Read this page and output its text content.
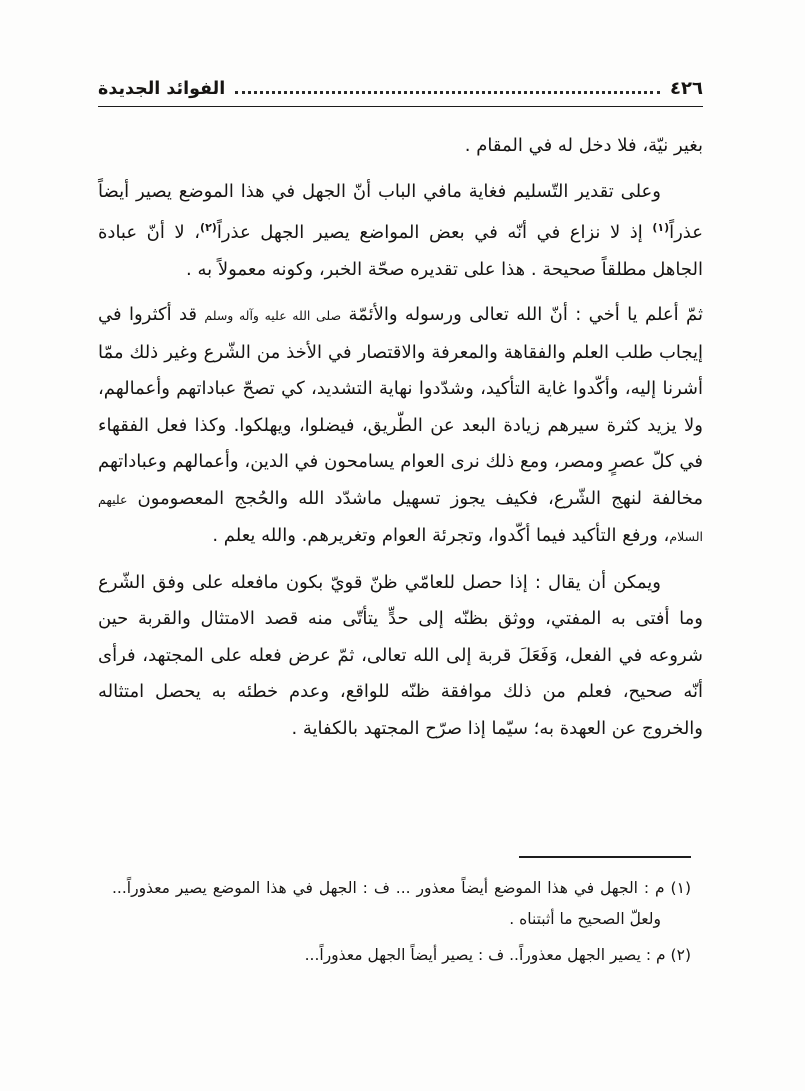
٤٢٦
الفوائد الجديدة

بغير نيّة، فلا دخل له في المقام .

وعلى تقدير التّسليم فغاية مافي الباب أنّ الجهل في هذا الموضع يصير أيضاً عذراً$^{(١)}$ إذ لا نزاع في أنّه في بعض المواضع يصير الجهل عذراً$^{(٢)}$، لا أنّ عبادة الجاهل مطلقاً صحيحة . هذا على تقديره صحّة الخبر، وكونه معمولاً به .

ثمّ أعلم يا أخي : أنّ الله تعالى ورسوله والأئمّة صلى الله عليه وآله وسلم قد أكثروا في إيجاب طلب العلم والفقاهة والمعرفة والاقتصار في الأخذ من الشّرع وغير ذلك ممّا أشرنا إليه، وأكّدوا غاية التأكيد، وشدّدوا نهاية التشديد، كي تصحّ عباداتهم وأعمالهم، ولا يزيد كثرة سيرهم زيادة البعد عن الطّريق، فيضلوا، ويهلكوا. وكذا فعل الفقهاء في كلّ عصرٍ ومصر، ومع ذلك نرى العوام يسامحون في الدين، وأعمالهم وعباداتهم مخالفة لنهج الشّرع، فكيف يجوز تسهيل ماشدّد الله والحُجج المعصومون عليهم السلام، ورفع التأكيد فيما أكّدوا، وتجرئة العوام وتغريرهم. والله يعلم .

ويمكن أن يقال : إذا حصل للعامّي ظنّ قويّ بكون مافعله على وفق الشّرع وما أفتى به المفتي، ووثق بظنّه إلى حدٍّ يتأتّى منه قصد الامتثال والقربة حين شروعه في الفعل، وَفَعَلَ قربة إلى الله تعالى، ثمّ عرض فعله على المجتهد، فرأى أنّه صحيح، فعلم من ذلك موافقة ظنّه للواقع، وعدم خطئه به يحصل امتثاله والخروج عن العهدة به؛ سيّما إذا صرّح المجتهد بالكفاية .

(١) م : الجهل في هذا الموضع أيضاً معذور ... ف : الجهل في هذا الموضع يصير معذوراً... ولعلّ الصحيح ما أثبتناه .

(٢) م : يصير الجهل معذوراً.. ف : يصير أيضاً الجهل معذوراً...
